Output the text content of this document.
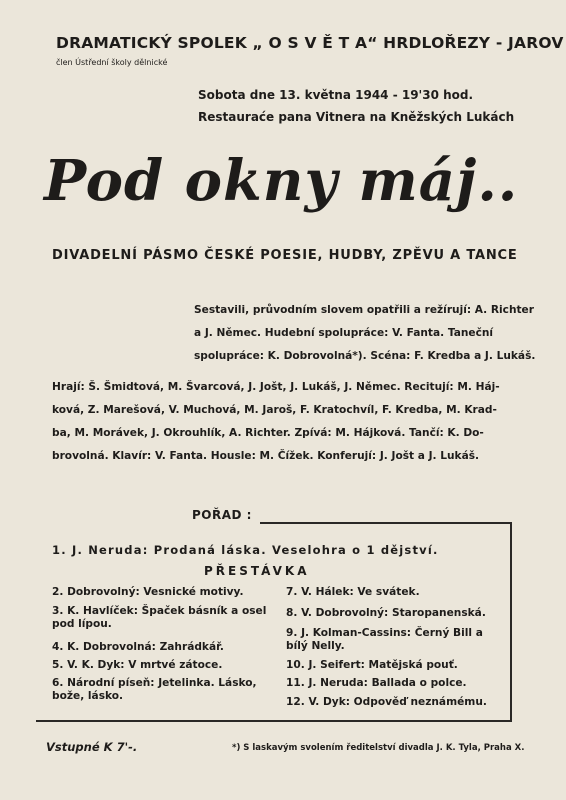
DRAMATICKÝ SPOLEK „ O S V Ě T A“ HRDLOŘEZY - JAROV
člen Ústřední školy dělnické
Sobota dne 13. května 1944 - 19'30 hod.
Restauraće pana Vitnera na Kněžských Lukách
Pod okny máj..
DIVADELNÍ PÁSMO ČESKÉ POESIE, HUDBY, ZPĚVU A TANCE
Sestavili, průvodním slovem opatřili a režírují: A. Richter
a J. Němec. Hudební spolupráce: V. Fanta. Taneční
spolupráce: K. Dobrovolná*). Scéna: F. Kredba a J. Lukáš.
Hrají: Š. Šmidtová, M. Švarcová, J. Jošt, J. Lukáš, J. Němec. Recitují: M. Háj-
ková, Z. Marešová, V. Muchová, M. Jaroš, F. Kratochvíl, F. Kredba, M. Krad-
ba, M. Morávek, J. Okrouhlík, A. Richter. Zpívá: M. Hájková. Tančí: K. Do-
brovolná. Klavír: V. Fanta. Housle: M. Čížek. Konferují: J. Jošt a J. Lukáš.
POŘAD :
1. J. Neruda: Prodaná láska. Veselohra o 1 dějství.
PŘESTÁVKA
2. Dobrovolný: Vesnické motivy.
3. K. Havlíček: Špaček básník a osel pod lípou.
4. K. Dobrovolná: Zahrádkář.
5. V. K. Dyk: V mrtvé zátoce.
6. Národní píseň: Jetelinka. Lásko, bože, lásko.
7. V. Hálek: Ve svátek.
8. V. Dobrovolný: Staropanenská.
9. J. Kolman-Cassins: Černý Bill a bílý Nelly.
10. J. Seifert: Matějská pouť.
11. J. Neruda: Ballada o polce.
12. V. Dyk: Odpověď neznámému.
Vstupné K 7'-.	*) S laskavým svolením ředitelství divadla J. K. Tyla, Praha X.
